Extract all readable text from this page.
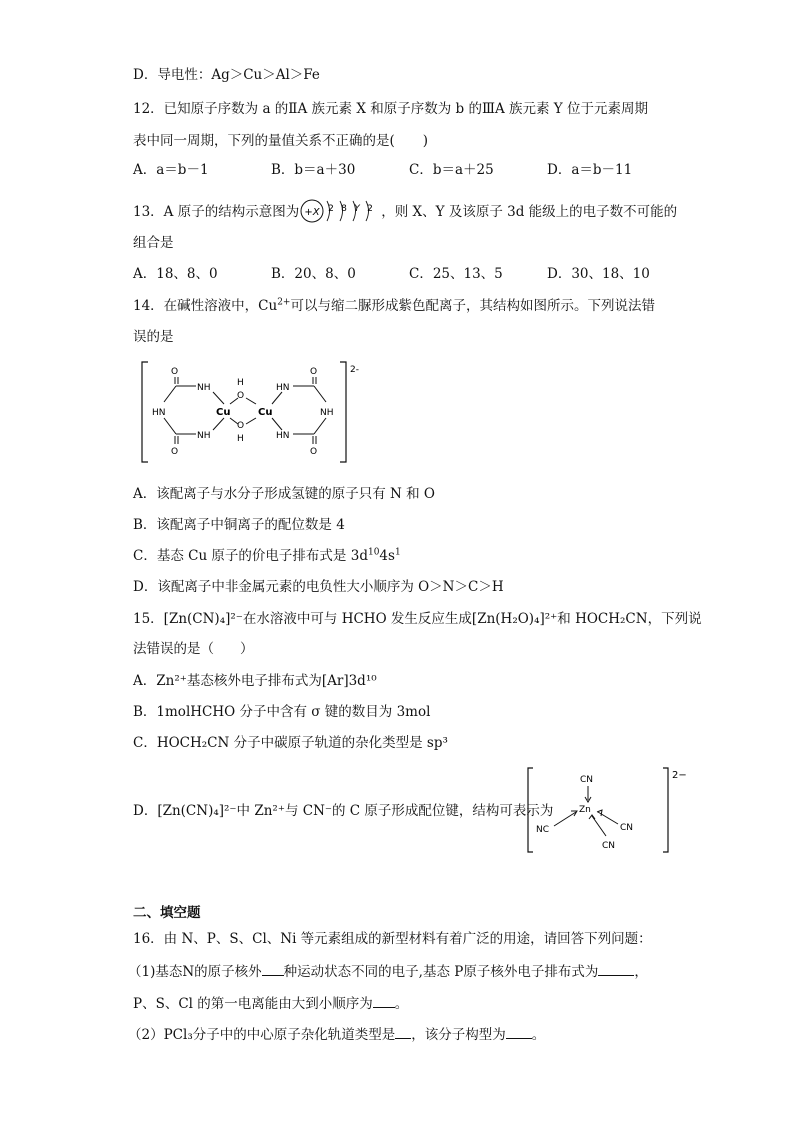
D．导电性：Ag＞Cu＞Al＞Fe
12．已知原子序数为 a 的ⅡA 族元素 X 和原子序数为 b 的ⅢA 族元素 Y 位于元素周期
表中同一周期，下列的量值关系不正确的是( )
A．a＝b－1	B．b＝a＋30	C．b＝a＋25	D．a＝b－11
13．A 原子的结构示意图为 +X 2 8 Y 2 ，则 X、Y 及该原子 3d 能级上的电子数不可能的
组合是
A．18、8、0	B．20、8、0	C．25、13、5	D．30、18、10
14．在碱性溶液中，$Cu^{2+}$可以与缩二脲形成紫色配离子，其结构如图所示。下列说法错
误的是
2-
O
NH
HN
NH
O
Cu	Cu
H
O
O
H
HN
O
NH
HN
O
A．该配离子与水分子形成氢键的原子只有 N 和 O
B．该配离子中铜离子的配位数是 4
C．基态 Cu 原子的价电子排布式是 $3d^{10}4s^1$
D．该配离子中非金属元素的电负性大小顺序为 O＞N＞C＞H
15．[Zn(CN)₄]²⁻在水溶液中可与 HCHO 发生反应生成[Zn(H₂O)₄]²⁺和 HOCH₂CN，下列说
法错误的是（ ）
A．Zn²⁺基态核外电子排布式为[Ar]3d¹⁰
B．1molHCHO 分子中含有 σ 键的数目为 3mol
C．HOCH₂CN 分子中碳原子轨道的杂化类型是 sp³
D．[Zn(CN)₄]²⁻中 Zn²⁺与 CN⁻的 C 原子形成配位键，结构可表示为
2−
CN
Zn
NC	CN
CN
二、填空题
16．由 N、P、S、Cl、Ni 等元素组成的新型材料有着广泛的用途，请回答下列问题：
（1)基态N的原子核外 种运动状态不同的电子,基态 P原子核外电子排布式为	，
P、S、Cl 的第一电离能由大到小顺序为 。
（2）PCl₃分子中的中心原子杂化轨道类型是 ，该分子构型为 。
